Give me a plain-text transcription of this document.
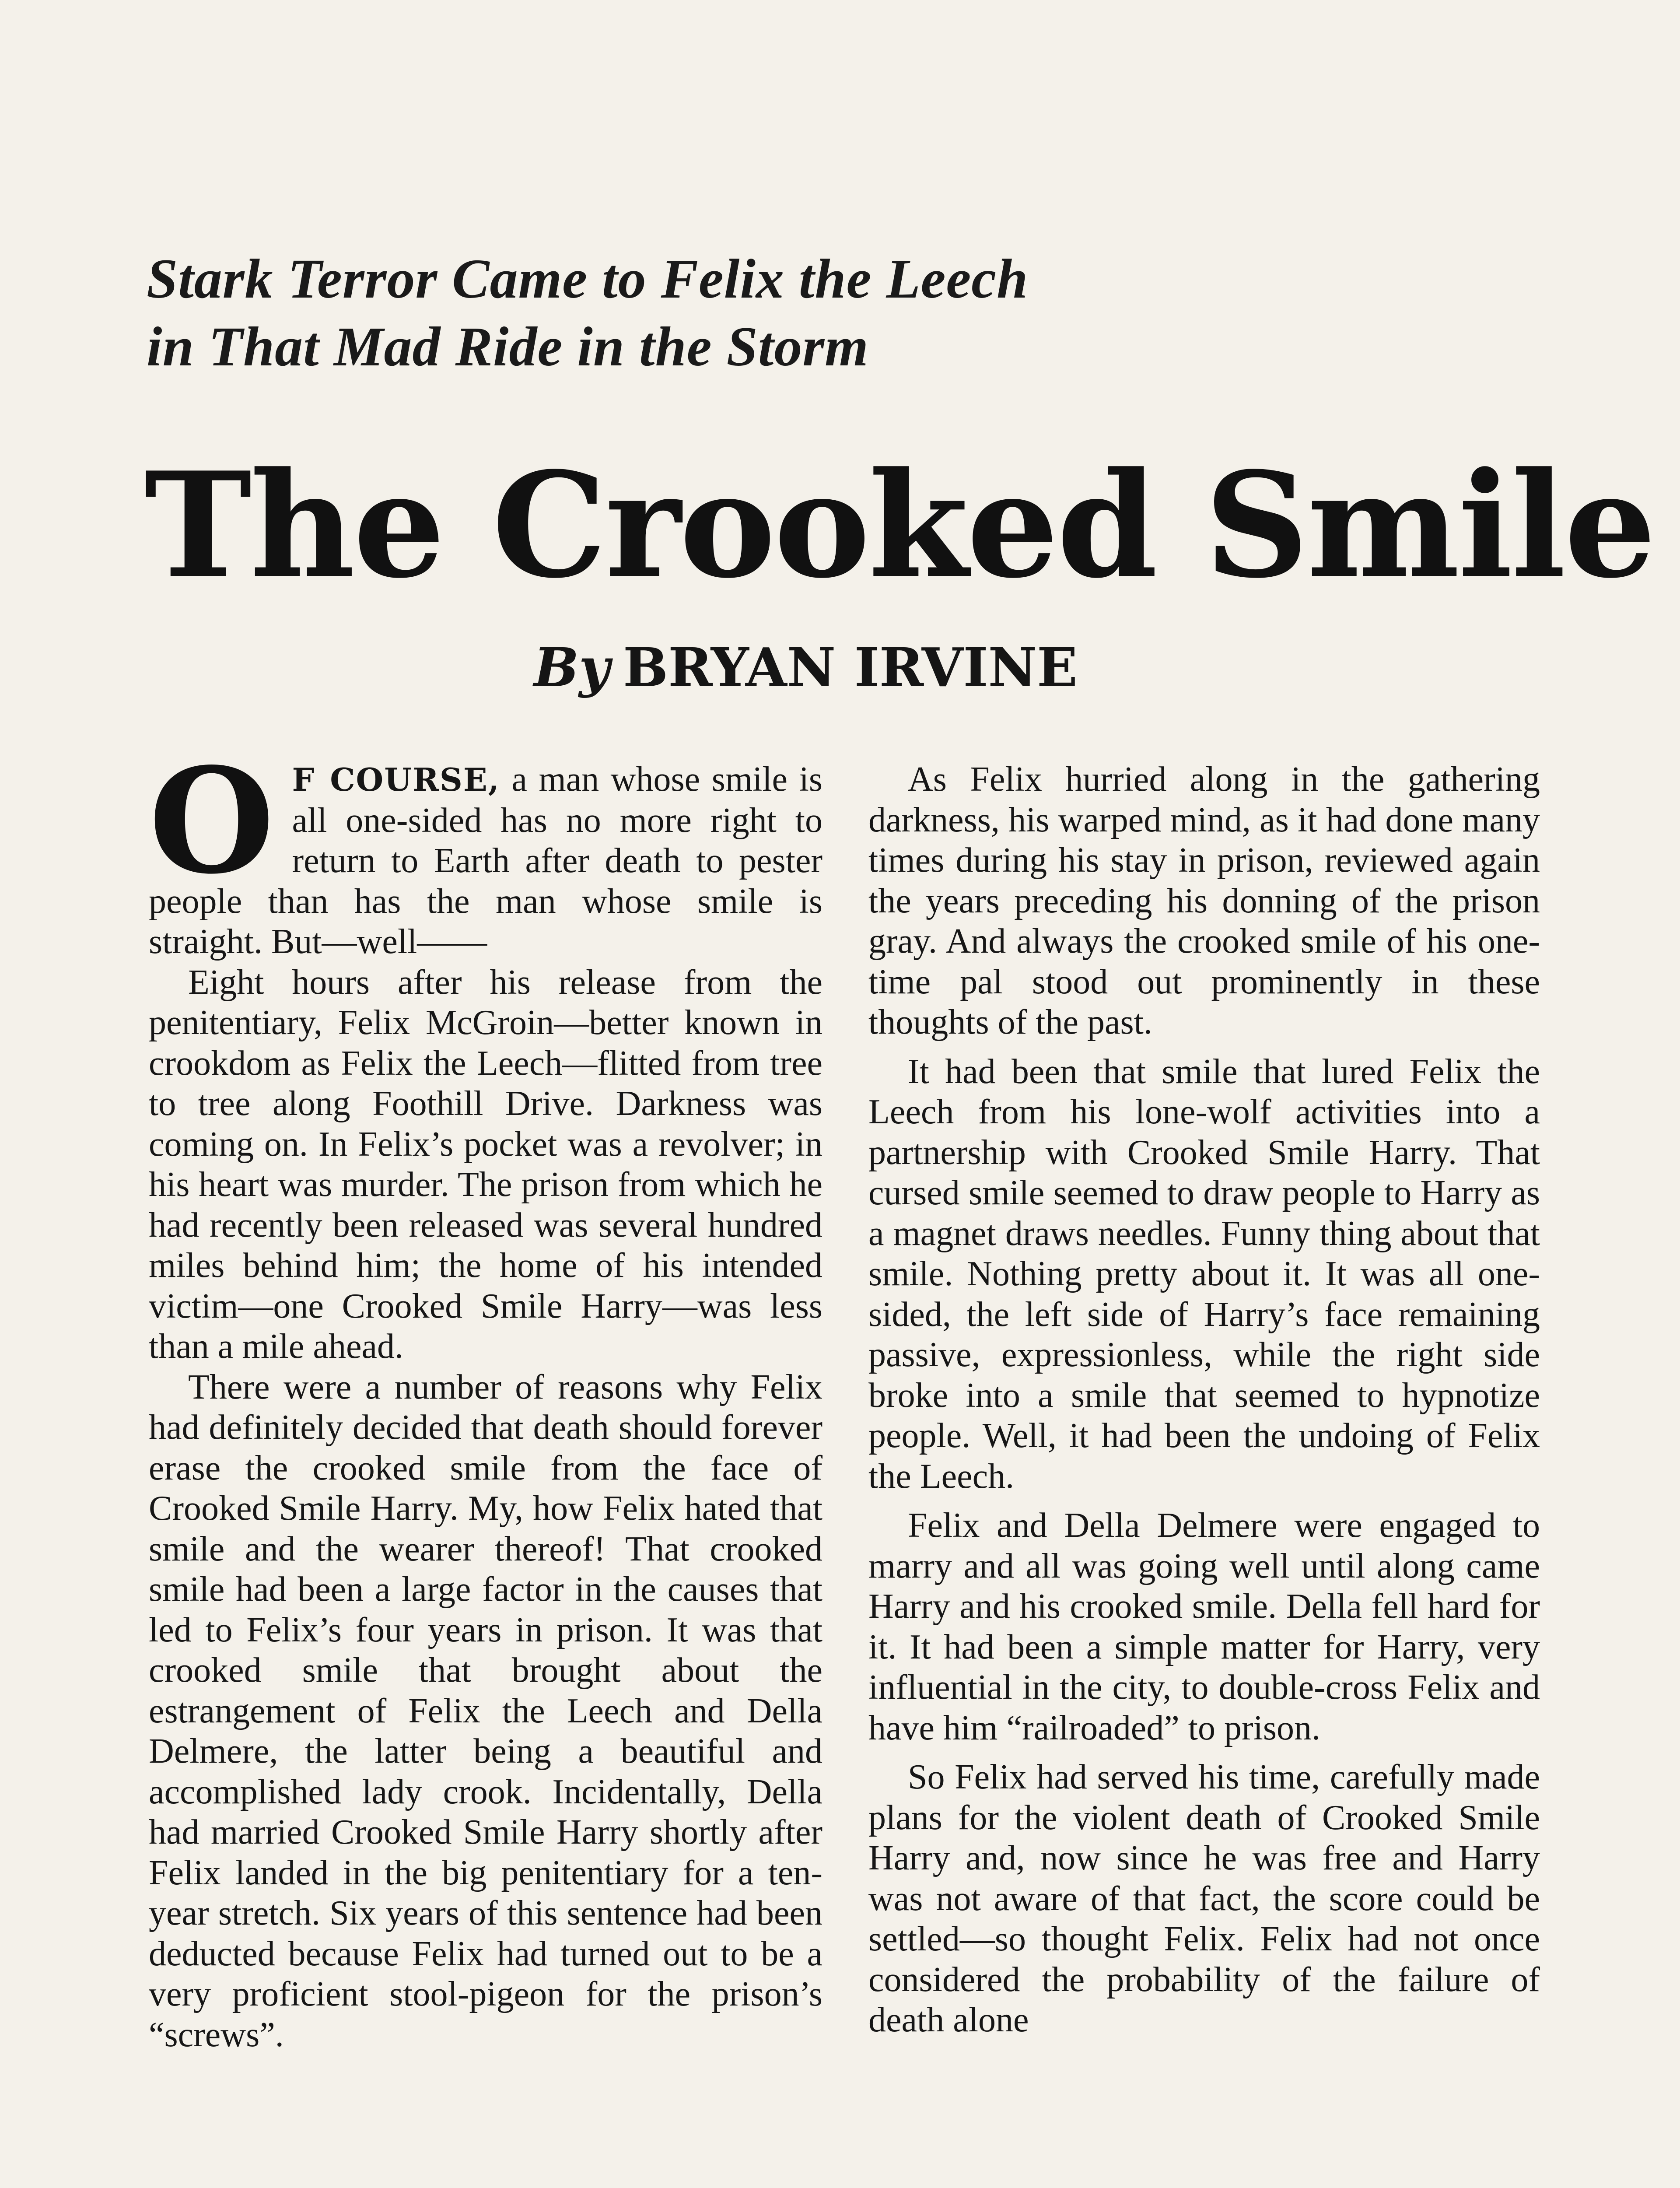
Stark Terror Came to Felix the Leech
in That Mad Ride in the Storm
The Crooked Smile
By BRYAN IRVINE

O F COURSE, a man whose smile is all one-sided has no more right to return to Earth after death to pester people than has the man whose smile is straight. But—well——

Eight hours after his release from the penitentiary, Felix McGroin—better known in crookdom as Felix the Leech—flitted from tree to tree along Foothill Drive. Darkness was coming on. In Felix’s pocket was a revolver; in his heart was murder. The prison from which he had recently been released was several hundred miles behind him; the home of his intended victim—one Crooked Smile Harry—was less than a mile ahead.

There were a number of reasons why Felix had definitely decided that death should forever erase the crooked smile from the face of Crooked Smile Harry. My, how Felix hated that smile and the wearer thereof! That crooked smile had been a large factor in the causes that led to Felix’s four years in prison. It was that crooked smile that brought about the estrangement of Felix the Leech and Della Delmere, the latter being a beautiful and accomplished lady crook. Incidentally, Della had married Crooked Smile Harry shortly after Felix landed in the big penitentiary for a ten-year stretch. Six years of this sentence had been deducted because Felix had turned out to be a very proficient stool-pigeon for the prison’s “screws”.

As Felix hurried along in the gathering darkness, his warped mind, as it had done many times during his stay in prison, reviewed again the years preceding his donning of the prison gray. And always the crooked smile of his one-time pal stood out prominently in these thoughts of the past.

It had been that smile that lured Felix the Leech from his lone-wolf activities into a partnership with Crooked Smile Harry. That cursed smile seemed to draw people to Harry as a magnet draws needles. Funny thing about that smile. Nothing pretty about it. It was all one-sided, the left side of Harry’s face remaining passive, expressionless, while the right side broke into a smile that seemed to hypnotize people. Well, it had been the undoing of Felix the Leech.

Felix and Della Delmere were engaged to marry and all was going well until along came Harry and his crooked smile. Della fell hard for it. It had been a simple matter for Harry, very influential in the city, to double-cross Felix and have him “railroaded” to prison.

So Felix had served his time, carefully made plans for the violent death of Crooked Smile Harry and, now since he was free and Harry was not aware of that fact, the score could be settled—so thought Felix. Felix had not once considered the probability of the failure of death alone
